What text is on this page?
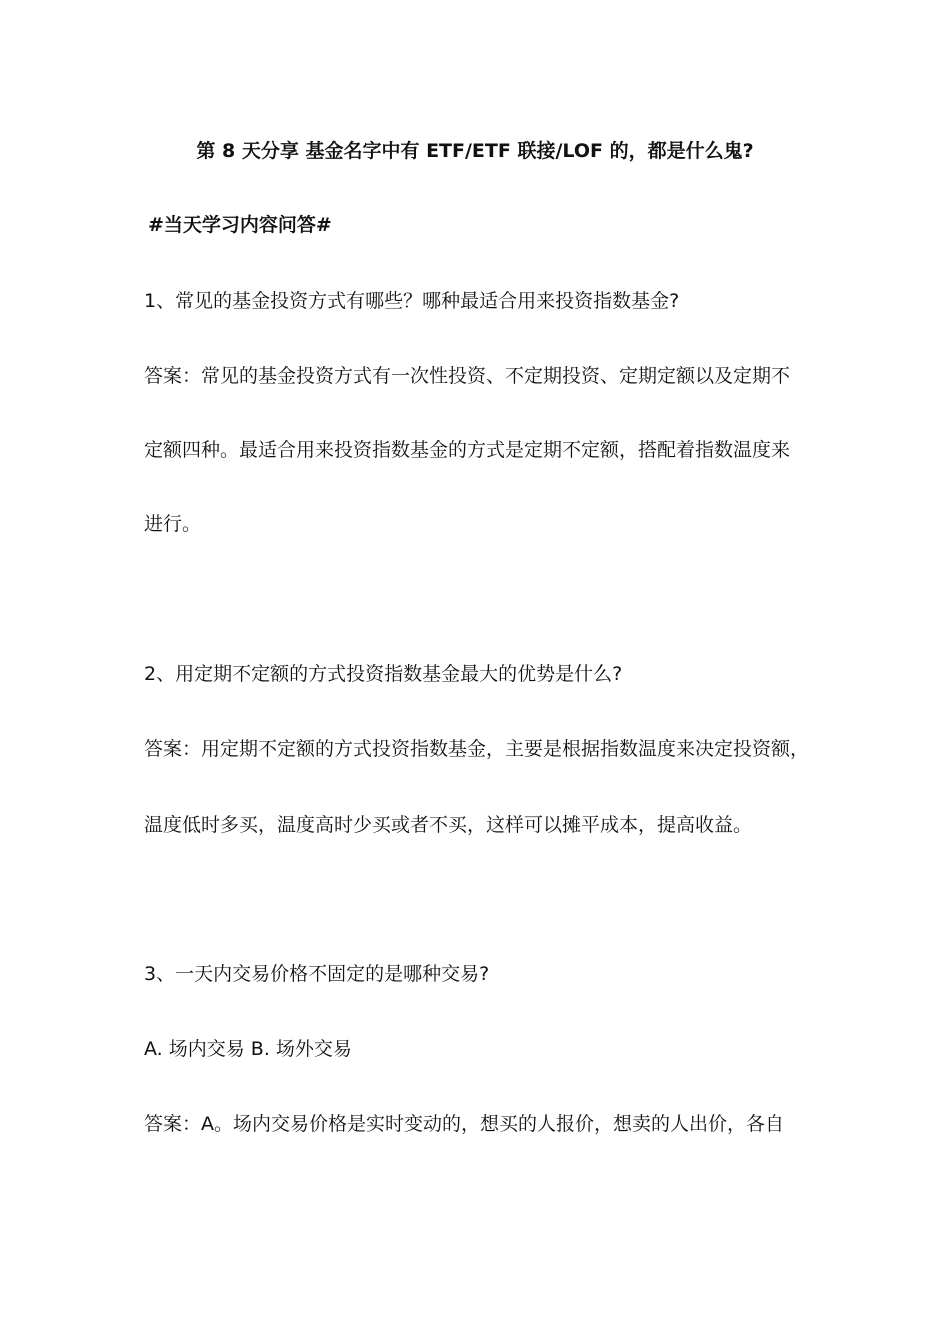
第 8 天分享 基金名字中有 ETF/ETF 联接/LOF 的，都是什么鬼?
#当天学习内容问答#
1、常见的基金投资方式有哪些？哪种最适合用来投资指数基金?
答案：常见的基金投资方式有一次性投资、不定期投资、定期定额以及定期不
定额四种。最适合用来投资指数基金的方式是定期不定额，搭配着指数温度来
进行。
2、用定期不定额的方式投资指数基金最大的优势是什么?
答案：用定期不定额的方式投资指数基金，主要是根据指数温度来决定投资额，
温度低时多买，温度高时少买或者不买，这样可以摊平成本，提高收益。
3、一天内交易价格不固定的是哪种交易?
A. 场内交易 B. 场外交易
答案：A。场内交易价格是实时变动的，想买的人报价，想卖的人出价，各自
